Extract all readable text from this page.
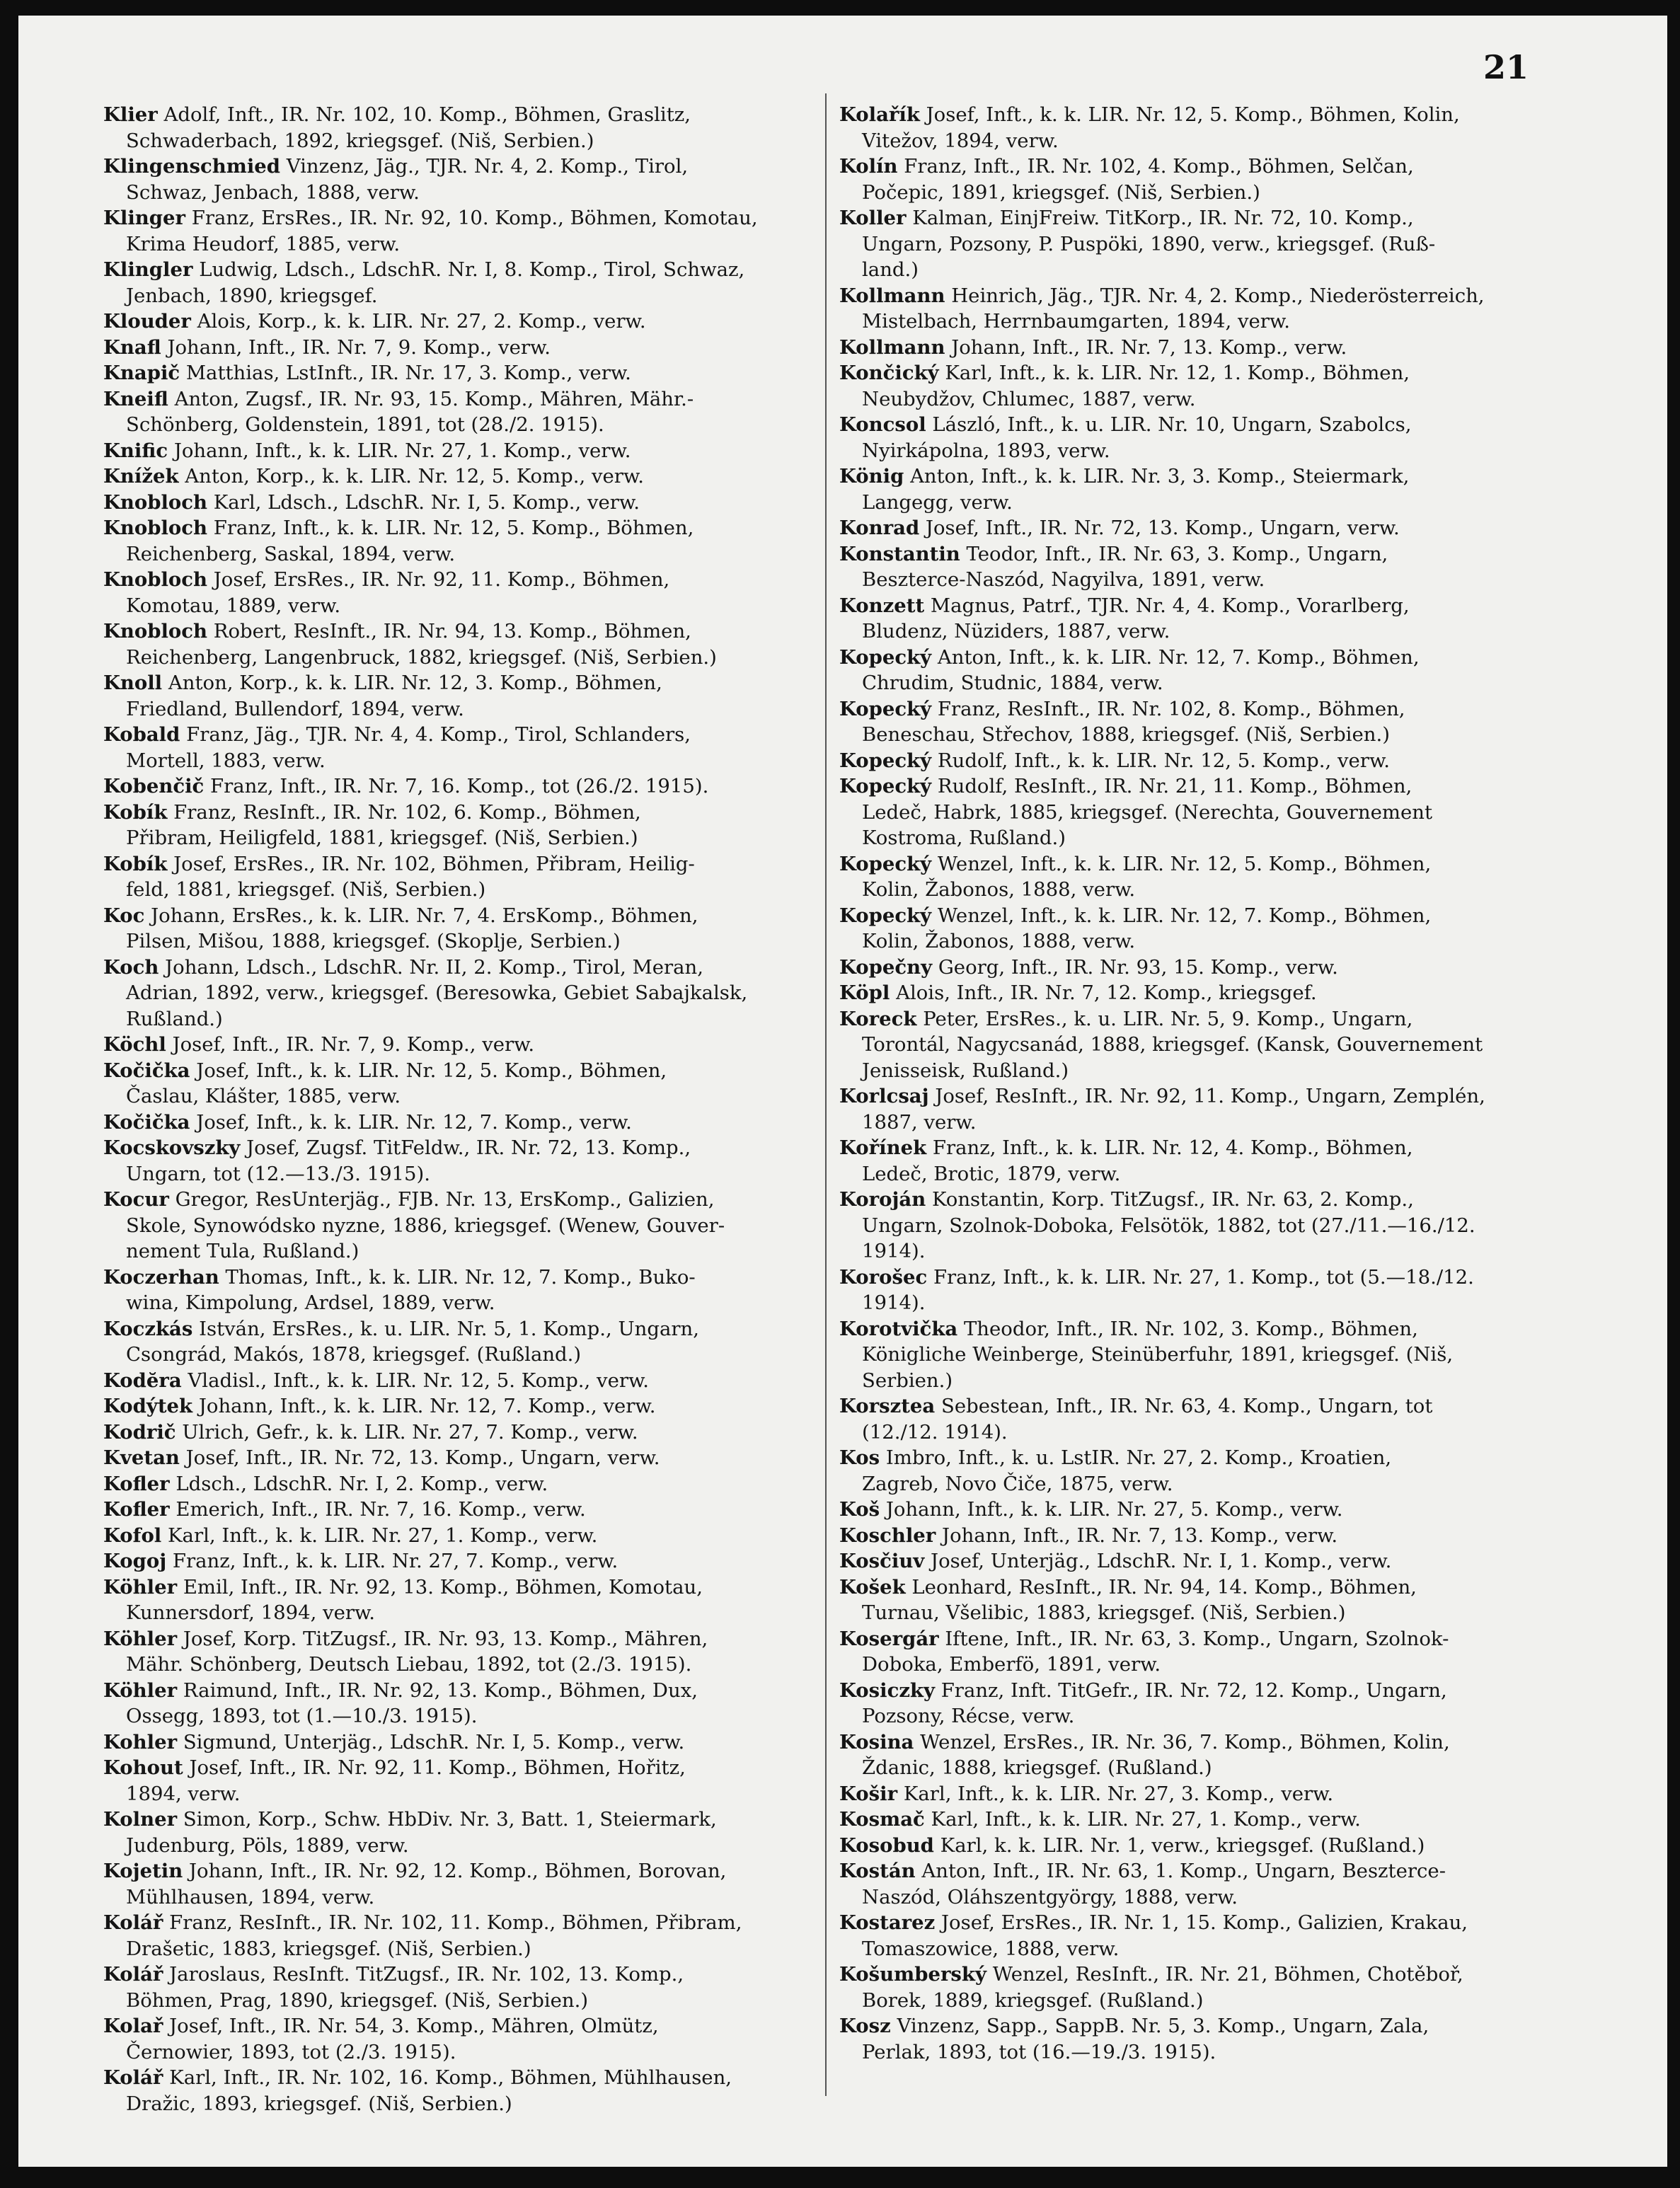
21

Klier Adolf, Inft., IR. Nr. 102, 10. Komp., Böhmen, Graslitz,
Schwaderbach, 1892, kriegsgef. (Niš, Serbien.)

Klingenschmied Vinzenz, Jäg., TJR. Nr. 4, 2. Komp., Tirol,
Schwaz, Jenbach, 1888, verw.

Klinger Franz, ErsRes., IR. Nr. 92, 10. Komp., Böhmen, Komotau,
Krima Heudorf, 1885, verw.

Klingler Ludwig, Ldsch., LdschR. Nr. I, 8. Komp., Tirol, Schwaz,
Jenbach, 1890, kriegsgef.

Klouder Alois, Korp., k. k. LIR. Nr. 27, 2. Komp., verw.

Knafl Johann, Inft., IR. Nr. 7, 9. Komp., verw.

Knapič Matthias, LstInft., IR. Nr. 17, 3. Komp., verw.

Kneifl Anton, Zugsf., IR. Nr. 93, 15. Komp., Mähren, Mähr.-
Schönberg, Goldenstein, 1891, tot (28./2. 1915).

Knific Johann, Inft., k. k. LIR. Nr. 27, 1. Komp., verw.

Knížek Anton, Korp., k. k. LIR. Nr. 12, 5. Komp., verw.

Knobloch Karl, Ldsch., LdschR. Nr. I, 5. Komp., verw.

Knobloch Franz, Inft., k. k. LIR. Nr. 12, 5. Komp., Böhmen,
Reichenberg, Saskal, 1894, verw.

Knobloch Josef, ErsRes., IR. Nr. 92, 11. Komp., Böhmen,
Komotau, 1889, verw.

Knobloch Robert, ResInft., IR. Nr. 94, 13. Komp., Böhmen,
Reichenberg, Langenbruck, 1882, kriegsgef. (Niš, Serbien.)

Knoll Anton, Korp., k. k. LIR. Nr. 12, 3. Komp., Böhmen,
Friedland, Bullendorf, 1894, verw.

Kobald Franz, Jäg., TJR. Nr. 4, 4. Komp., Tirol, Schlanders,
Mortell, 1883, verw.

Kobenčič Franz, Inft., IR. Nr. 7, 16. Komp., tot (26./2. 1915).

Kobík Franz, ResInft., IR. Nr. 102, 6. Komp., Böhmen,
Přibram, Heiligfeld, 1881, kriegsgef. (Niš, Serbien.)

Kobík Josef, ErsRes., IR. Nr. 102, Böhmen, Přibram, Heilig-
feld, 1881, kriegsgef. (Niš, Serbien.)

Koc Johann, ErsRes., k. k. LIR. Nr. 7, 4. ErsKomp., Böhmen,
Pilsen, Mišou, 1888, kriegsgef. (Skoplje, Serbien.)

Koch Johann, Ldsch., LdschR. Nr. II, 2. Komp., Tirol, Meran,
Adrian, 1892, verw., kriegsgef. (Beresowka, Gebiet Sabajkalsk,
Rußland.)

Köchl Josef, Inft., IR. Nr. 7, 9. Komp., verw.

Kočička Josef, Inft., k. k. LIR. Nr. 12, 5. Komp., Böhmen,
Časlau, Klášter, 1885, verw.

Kočička Josef, Inft., k. k. LIR. Nr. 12, 7. Komp., verw.

Kocskovszky Josef, Zugsf. TitFeldw., IR. Nr. 72, 13. Komp.,
Ungarn, tot (12.—13./3. 1915).

Kocur Gregor, ResUnterjäg., FJB. Nr. 13, ErsKomp., Galizien,
Skole, Synowódsko nyzne, 1886, kriegsgef. (Wenew, Gouver-
nement Tula, Rußland.)

Koczerhan Thomas, Inft., k. k. LIR. Nr. 12, 7. Komp., Buko-
wina, Kimpolung, Ardsel, 1889, verw.

Koczkás István, ErsRes., k. u. LIR. Nr. 5, 1. Komp., Ungarn,
Csongrád, Makós, 1878, kriegsgef. (Rußland.)

Kodĕra Vladisl., Inft., k. k. LIR. Nr. 12, 5. Komp., verw.

Kodýtek Johann, Inft., k. k. LIR. Nr. 12, 7. Komp., verw.

Kodrič Ulrich, Gefr., k. k. LIR. Nr. 27, 7. Komp., verw.

Kvetan Josef, Inft., IR. Nr. 72, 13. Komp., Ungarn, verw.

Kofler Ldsch., LdschR. Nr. I, 2. Komp., verw.

Kofler Emerich, Inft., IR. Nr. 7, 16. Komp., verw.

Kofol Karl, Inft., k. k. LIR. Nr. 27, 1. Komp., verw.

Kogoj Franz, Inft., k. k. LIR. Nr. 27, 7. Komp., verw.

Köhler Emil, Inft., IR. Nr. 92, 13. Komp., Böhmen, Komotau,
Kunnersdorf, 1894, verw.

Köhler Josef, Korp. TitZugsf., IR. Nr. 93, 13. Komp., Mähren,
Mähr. Schönberg, Deutsch Liebau, 1892, tot (2./3. 1915).

Köhler Raimund, Inft., IR. Nr. 92, 13. Komp., Böhmen, Dux,
Ossegg, 1893, tot (1.—10./3. 1915).

Kohler Sigmund, Unterjäg., LdschR. Nr. I, 5. Komp., verw.

Kohout Josef, Inft., IR. Nr. 92, 11. Komp., Böhmen, Hořitz,
1894, verw.

Kolner Simon, Korp., Schw. HbDiv. Nr. 3, Batt. 1, Steiermark,
Judenburg, Pöls, 1889, verw.

Kojetin Johann, Inft., IR. Nr. 92, 12. Komp., Böhmen, Borovan,
Mühlhausen, 1894, verw.

Kolář Franz, ResInft., IR. Nr. 102, 11. Komp., Böhmen, Přibram,
Drašetic, 1883, kriegsgef. (Niš, Serbien.)

Kolář Jaroslaus, ResInft. TitZugsf., IR. Nr. 102, 13. Komp.,
Böhmen, Prag, 1890, kriegsgef. (Niš, Serbien.)

Kolař Josef, Inft., IR. Nr. 54, 3. Komp., Mähren, Olmütz,
Černowier, 1893, tot (2./3. 1915).

Kolář Karl, Inft., IR. Nr. 102, 16. Komp., Böhmen, Mühlhausen,
Dražic, 1893, kriegsgef. (Niš, Serbien.)

Kolařík Josef, Inft., k. k. LIR. Nr. 12, 5. Komp., Böhmen, Kolin,
Vitežov, 1894, verw.

Kolín Franz, Inft., IR. Nr. 102, 4. Komp., Böhmen, Selčan,
Počepic, 1891, kriegsgef. (Niš, Serbien.)

Koller Kalman, EinjFreiw. TitKorp., IR. Nr. 72, 10. Komp.,
Ungarn, Pozsony, P. Puspöki, 1890, verw., kriegsgef. (Ruß-
land.)

Kollmann Heinrich, Jäg., TJR. Nr. 4, 2. Komp., Niederösterreich,
Mistelbach, Herrnbaumgarten, 1894, verw.

Kollmann Johann, Inft., IR. Nr. 7, 13. Komp., verw.

Končický Karl, Inft., k. k. LIR. Nr. 12, 1. Komp., Böhmen,
Neubydžov, Chlumec, 1887, verw.

Koncsol László, Inft., k. u. LIR. Nr. 10, Ungarn, Szabolcs,
Nyirkápolna, 1893, verw.

König Anton, Inft., k. k. LIR. Nr. 3, 3. Komp., Steiermark,
Langegg, verw.

Konrad Josef, Inft., IR. Nr. 72, 13. Komp., Ungarn, verw.

Konstantin Teodor, Inft., IR. Nr. 63, 3. Komp., Ungarn,
Beszterce-Naszód, Nagyilva, 1891, verw.

Konzett Magnus, Patrf., TJR. Nr. 4, 4. Komp., Vorarlberg,
Bludenz, Nüziders, 1887, verw.

Kopecký Anton, Inft., k. k. LIR. Nr. 12, 7. Komp., Böhmen,
Chrudim, Studnic, 1884, verw.

Kopecký Franz, ResInft., IR. Nr. 102, 8. Komp., Böhmen,
Beneschau, Střechov, 1888, kriegsgef. (Niš, Serbien.)

Kopecký Rudolf, Inft., k. k. LIR. Nr. 12, 5. Komp., verw.

Kopecký Rudolf, ResInft., IR. Nr. 21, 11. Komp., Böhmen,
Ledeč, Habrk, 1885, kriegsgef. (Nerechta, Gouvernement
Kostroma, Rußland.)

Kopecký Wenzel, Inft., k. k. LIR. Nr. 12, 5. Komp., Böhmen,
Kolin, Žabonos, 1888, verw.

Kopecký Wenzel, Inft., k. k. LIR. Nr. 12, 7. Komp., Böhmen,
Kolin, Žabonos, 1888, verw.

Kopečny Georg, Inft., IR. Nr. 93, 15. Komp., verw.

Köpl Alois, Inft., IR. Nr. 7, 12. Komp., kriegsgef.

Koreck Peter, ErsRes., k. u. LIR. Nr. 5, 9. Komp., Ungarn,
Torontál, Nagycsanád, 1888, kriegsgef. (Kansk, Gouvernement
Jenisseisk, Rußland.)

Korlcsaj Josef, ResInft., IR. Nr. 92, 11. Komp., Ungarn, Zemplén,
1887, verw.

Kořínek Franz, Inft., k. k. LIR. Nr. 12, 4. Komp., Böhmen,
Ledeč, Brotic, 1879, verw.

Koroján Konstantin, Korp. TitZugsf., IR. Nr. 63, 2. Komp.,
Ungarn, Szolnok-Doboka, Felsötök, 1882, tot (27./11.—16./12.
1914).

Korošec Franz, Inft., k. k. LIR. Nr. 27, 1. Komp., tot (5.—18./12.
1914).

Korotvička Theodor, Inft., IR. Nr. 102, 3. Komp., Böhmen,
Königliche Weinberge, Steinüberfuhr, 1891, kriegsgef. (Niš,
Serbien.)

Korsztea Sebestean, Inft., IR. Nr. 63, 4. Komp., Ungarn, tot
(12./12. 1914).

Kos Imbro, Inft., k. u. LstIR. Nr. 27, 2. Komp., Kroatien,
Zagreb, Novo Čiče, 1875, verw.

Koš Johann, Inft., k. k. LIR. Nr. 27, 5. Komp., verw.

Koschler Johann, Inft., IR. Nr. 7, 13. Komp., verw.

Kosčiuv Josef, Unterjäg., LdschR. Nr. I, 1. Komp., verw.

Košek Leonhard, ResInft., IR. Nr. 94, 14. Komp., Böhmen,
Turnau, Všelibic, 1883, kriegsgef. (Niš, Serbien.)

Kosergár Iftene, Inft., IR. Nr. 63, 3. Komp., Ungarn, Szolnok-
Doboka, Emberfö, 1891, verw.

Kosiczky Franz, Inft. TitGefr., IR. Nr. 72, 12. Komp., Ungarn,
Pozsony, Récse, verw.

Kosina Wenzel, ErsRes., IR. Nr. 36, 7. Komp., Böhmen, Kolin,
Ždanic, 1888, kriegsgef. (Rußland.)

Košir Karl, Inft., k. k. LIR. Nr. 27, 3. Komp., verw.

Kosmač Karl, Inft., k. k. LIR. Nr. 27, 1. Komp., verw.

Kosobud Karl, k. k. LIR. Nr. 1, verw., kriegsgef. (Rußland.)

Kostán Anton, Inft., IR. Nr. 63, 1. Komp., Ungarn, Beszterce-
Naszód, Oláhszentgyörgy, 1888, verw.

Kostarez Josef, ErsRes., IR. Nr. 1, 15. Komp., Galizien, Krakau,
Tomaszowice, 1888, verw.

Košumberský Wenzel, ResInft., IR. Nr. 21, Böhmen, Chotěboř,
Borek, 1889, kriegsgef. (Rußland.)

Kosz Vinzenz, Sapp., SappB. Nr. 5, 3. Komp., Ungarn, Zala,
Perlak, 1893, tot (16.—19./3. 1915).
